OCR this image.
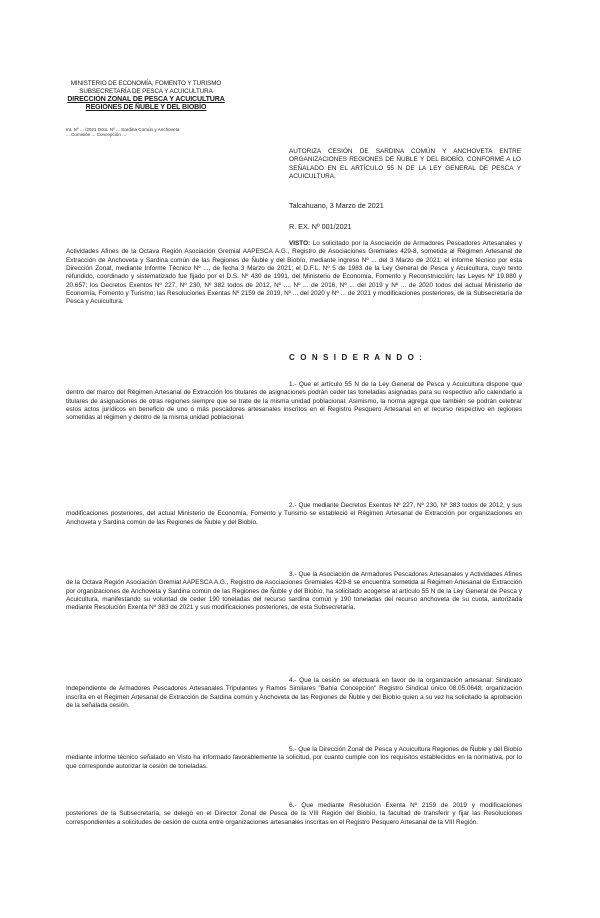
MINISTERIO DE ECONOMÍA, FOMENTO Y TURISMO
SUBSECRETARÍA DE PESCA Y ACUICULTURA
DIRECCIÓN ZONAL DE PESCA Y ACUICULTURA
REGIONES DE ÑUBLE Y DEL BIOBÍO
Int. Nº ... /2021 Dcto. Nº ... Sardina Común y Anchoveta
... Comisión ... Concepción ...
AUTORIZA CESIÓN DE SARDINA COMÚN Y ANCHOVETA ENTRE ORGANIZACIONES REGIONES DE ÑUBLE Y DEL BIOBÍO, CONFORME A LO SEÑALADO EN EL ARTÍCULO 55 N DE LA LEY GENERAL DE PESCA Y ACUICULTURA.
Talcahuano, 3 Marzo de 2021
R. EX. Nº 001/2021
VISTO: Lo solicitado por la Asociación de Armadores Pescadores Artesanales y Actividades Afines de la Octava Región Asociación Gremial AAPESCA A.G., Registro de Asociaciones Gremiales 429-8, sometida al Régimen Artesanal de Extracción de Anchoveta y Sardina común de las Regiones de Ñuble y del Biobío, mediante ingreso Nº ... del 3 Marzo de 2021; el informe técnico por esta Dirección Zonal, mediante Informe Técnico Nº ..., de fecha 3 Marzo de 2021; el D.F.L. Nº 5 de 1983 de la Ley General de Pesca y Acuicultura, cuyo texto refundido, coordinado y sistematizado fue fijado por el D.S. Nº 430 de 1991, del Ministerio de Economía, Fomento y Reconstrucción; las Leyes Nº 19.880 y 20.657; los Decretos Exentos Nº 227, Nº 230, Nº 382 todos de 2012, Nº ..., Nº ... de 2016, Nº ... del 2019 y Nº ... de 2020 todos del actual Ministerio de Economía, Fomento y Turismo; las Resoluciones Exentas Nº 2159 de 2019, Nº ... del 2020 y Nº ... de 2021 y modificaciones posteriores, de la Subsecretaría de Pesca y Acuicultura.
C O N S I D E R A N D O :
1.- Que el artículo 55 N de la Ley General de Pesca y Acuicultura dispone que dentro del marco del Régimen Artesanal de Extracción los titulares de asignaciones podrán ceder las toneladas asignadas para su respectivo año calendario a titulares de asignaciones de otras regiones siempre que se trate de la misma unidad poblacional. Asimismo, la norma agrega que también se podrán celebrar estos actos jurídicos en beneficio de uno o más pescadores artesanales inscritos en el Registro Pesquero Artesanal en el recurso respectivo en regiones sometidas al régimen y dentro de la misma unidad poblacional.
2.- Que mediante Decretos Exentos Nº 227, Nº 230, Nº 383 todos de 2012, y sus modificaciones posteriores, del actual Ministerio de Economía, Fomento y Turismo se estableció el Régimen Artesanal de Extracción por organizaciones en Anchoveta y Sardina común de las Regiones de Ñuble y del Biobío.
3.- Que la Asociación de Armadores Pescadores Artesanales y Actividades Afines de la Octava Región Asociación Gremial AAPESCA A.G., Registro de Asociaciones Gremiales 429-8 se encuentra sometida al Régimen Artesanal de Extracción por organizaciones de Anchoveta y Sardina común de las Regiones de Ñuble y del Biobío, ha solicitado acogerse al artículo 55 N de la Ley General de Pesca y Acuicultura, manifestando su voluntad de ceder 190 toneladas del recurso sardina común y 190 toneladas del recurso anchoveta de su cuota, autorizada mediante Resolución Exenta Nº 383 de 2021 y sus modificaciones posteriores, de esta Subsecretaría.
4.- Que la cesión se efectuará en favor de la organización artesanal: Sindicato Independiente de Armadores Pescadores Artesanales Tripulantes y Ramos Similares "Bahía Concepción" Registro Sindical único 08.05.0648; organización inscrita en el Régimen Artesanal de Extracción de Sardina común y Anchoveta de las Regiones de Ñuble y del Biobío quien a su vez ha solicitado la aprobación de la señalada cesión.
5.- Que la Dirección Zonal de Pesca y Acuicultura Regiones de Ñuble y del Biobío mediante informe técnico señalado en Visto ha informado favorablemente la solicitud, por cuanto cumple con los requisitos establecidos en la normativa, por lo que corresponde autorizar la cesión de toneladas.
6.- Que mediante Resolución Exenta Nº 2159 de 2019 y modificaciones posteriores de la Subsecretaría, se delegó en el Director Zonal de Pesca de la VIII Región del Biobío, la facultad de transferir y fijar las Resoluciones correspondientes a solicitudes de cesión de cuota entre organizaciones artesanales inscritas en el Registro Pesquero Artesanal de la VIII Región.
